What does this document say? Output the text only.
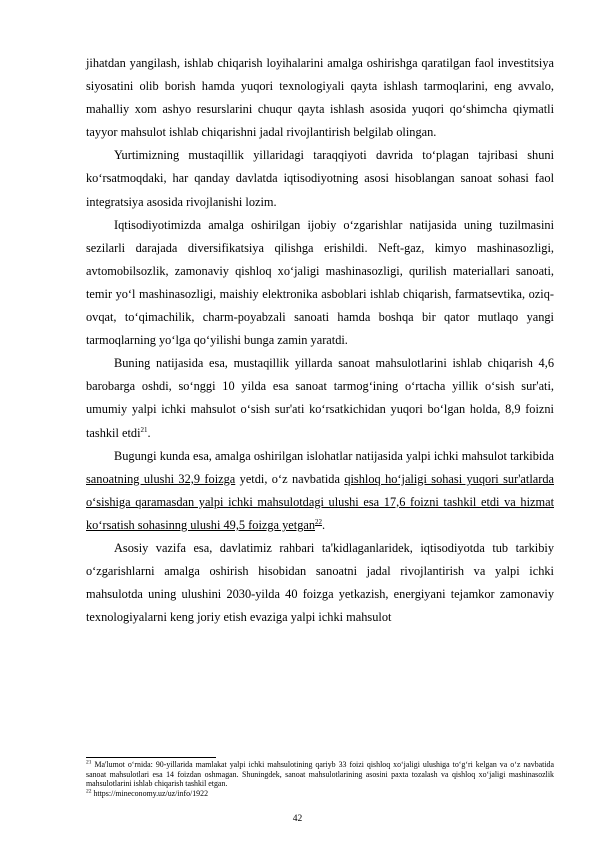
jihatdan yangilash, ishlab chiqarish loyihalarini amalga oshirishga qaratilgan faol investitsiya siyosatini olib borish hamda yuqori texnologiyali qayta ishlash tarmoqlarini, eng avvalo, mahalliy xom ashyo resurslarini chuqur qayta ishlash asosida yuqori qo‘shimcha qiymatli tayyor mahsulot ishlab chiqarishni jadal rivojlantirish belgilab olingan.

Yurtimizning mustaqillik yillaridagi taraqqiyoti davrida to‘plagan tajribasi shuni ko‘rsatmoqdaki, har qanday davlatda iqtisodiyotning asosi hisoblangan sanoat sohasi faol integratsiya asosida rivojlanishi lozim.

Iqtisodiyotimizda amalga oshirilgan ijobiy o‘zgarishlar natijasida uning tuzilmasini sezilarli darajada diversifikatsiya qilishga erishildi. Neft-gaz, kimyo mashinasozligi, avtomobilsozlik, zamonaviy qishloq xo‘jaligi mashinasozligi, qurilish materiallari sanoati, temir yo‘l mashinasozligi, maishiy elektronika asboblari ishlab chiqarish, farmatsevtika, oziq-ovqat, to‘qimachilik, charm-poyabzali sanoati hamda boshqa bir qator mutlaqo yangi tarmoqlarning yo‘lga qo‘yilishi bunga zamin yaratdi.

Buning natijasida esa, mustaqillik yillarda sanoat mahsulotlarini ishlab chiqarish 4,6 barobarga oshdi, so‘nggi 10 yilda esa sanoat tarmog‘ining o‘rtacha yillik o‘sish sur'ati, umumiy yalpi ichki mahsulot o‘sish sur'ati ko‘rsatkichidan yuqori bo‘lgan holda, 8,9 foizni tashkil etdi$^{21}$.

Bugungi kunda esa, amalga oshirilgan islohatlar natijasida yalpi ichki mahsulot tarkibida sanoatning ulushi 32,9 foizga yetdi, o‘z navbatida qishloq ho‘jaligi sohasi yuqori sur'atlarda o‘sishiga qaramasdan yalpi ichki mahsulotdagi ulushi esa 17,6 foizni tashkil etdi va hizmat ko‘rsatish sohasinng ulushi 49,5 foizga yetgan$^{22}$.

Asosiy vazifa esa, davlatimiz rahbari ta'kidlaganlaridek, iqtisodiyotda tub tarkibiy o‘zgarishlarni amalga oshirish hisobidan sanoatni jadal rivojlantirish va yalpi ichki mahsulotda uning ulushini 2030-yilda 40 foizga yetkazish, energiyani tejamkor zamonaviy texnologiyalarni keng joriy etish evaziga yalpi ichki mahsulot

$^{21}$ Ma'lumot o‘rnida: 90-yillarida mamlakat yalpi ichki mahsulotining qariyb 33 foizi qishloq xo‘jaligi ulushiga to‘g‘ri kelgan va o‘z navbatida sanoat mahsulotlari esa 14 foizdan oshmagan. Shuningdek, sanoat mahsulotlarining asosini paxta tozalash va qishloq xo‘jaligi mashinasozlik mahsulotlarini ishlab chiqarish tashkil etgan.

$^{22}$ https://mineconomy.uz/uz/info/1922

42
